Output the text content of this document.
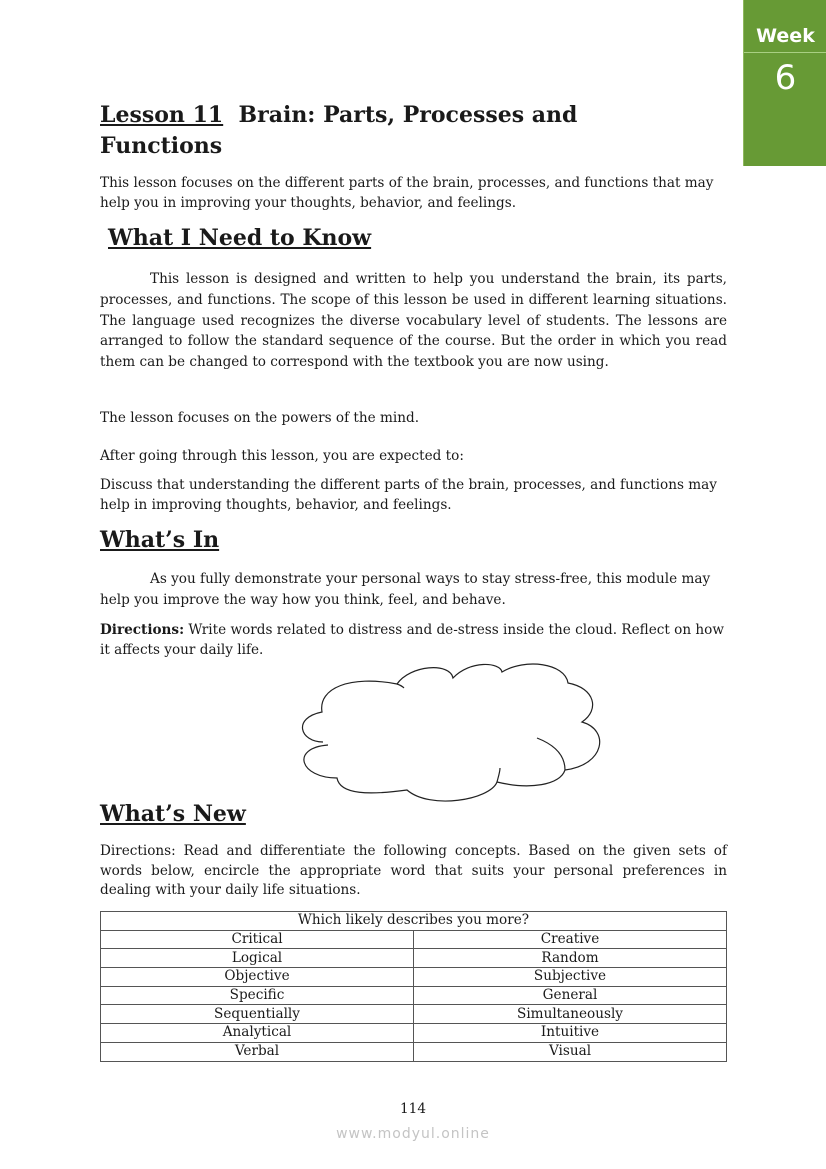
Week
6
Lesson 11 Brain: Parts, Processes and Functions
This lesson focuses on the different parts of the brain, processes, and functions that may help you in improving your thoughts, behavior, and feelings.
What I Need to Know
This lesson is designed and written to help you understand the brain, its parts, processes, and functions. The scope of this lesson be used in different learning situations. The language used recognizes the diverse vocabulary level of students. The lessons are arranged to follow the standard sequence of the course. But the order in which you read them can be changed to correspond with the textbook you are now using.
The lesson focuses on the powers of the mind.
After going through this lesson, you are expected to:
Discuss that understanding the different parts of the brain, processes, and functions may help in improving thoughts, behavior, and feelings.
What’s In
As you fully demonstrate your personal ways to stay stress-free, this module may help you improve the way how you think, feel, and behave.
Directions: Write words related to distress and de-stress inside the cloud. Reflect on how it affects your daily life.
What’s New
Directions: Read and differentiate the following concepts. Based on the given sets of words below, encircle the appropriate word that suits your personal preferences in dealing with your daily life situations.
Which likely describes you more?	
Critical	Creative
Logical	Random
Objective	Subjective
Specific	General
Sequentially	Simultaneously
Analytical	Intuitive
Verbal	Visual
114
www.modyul.online
